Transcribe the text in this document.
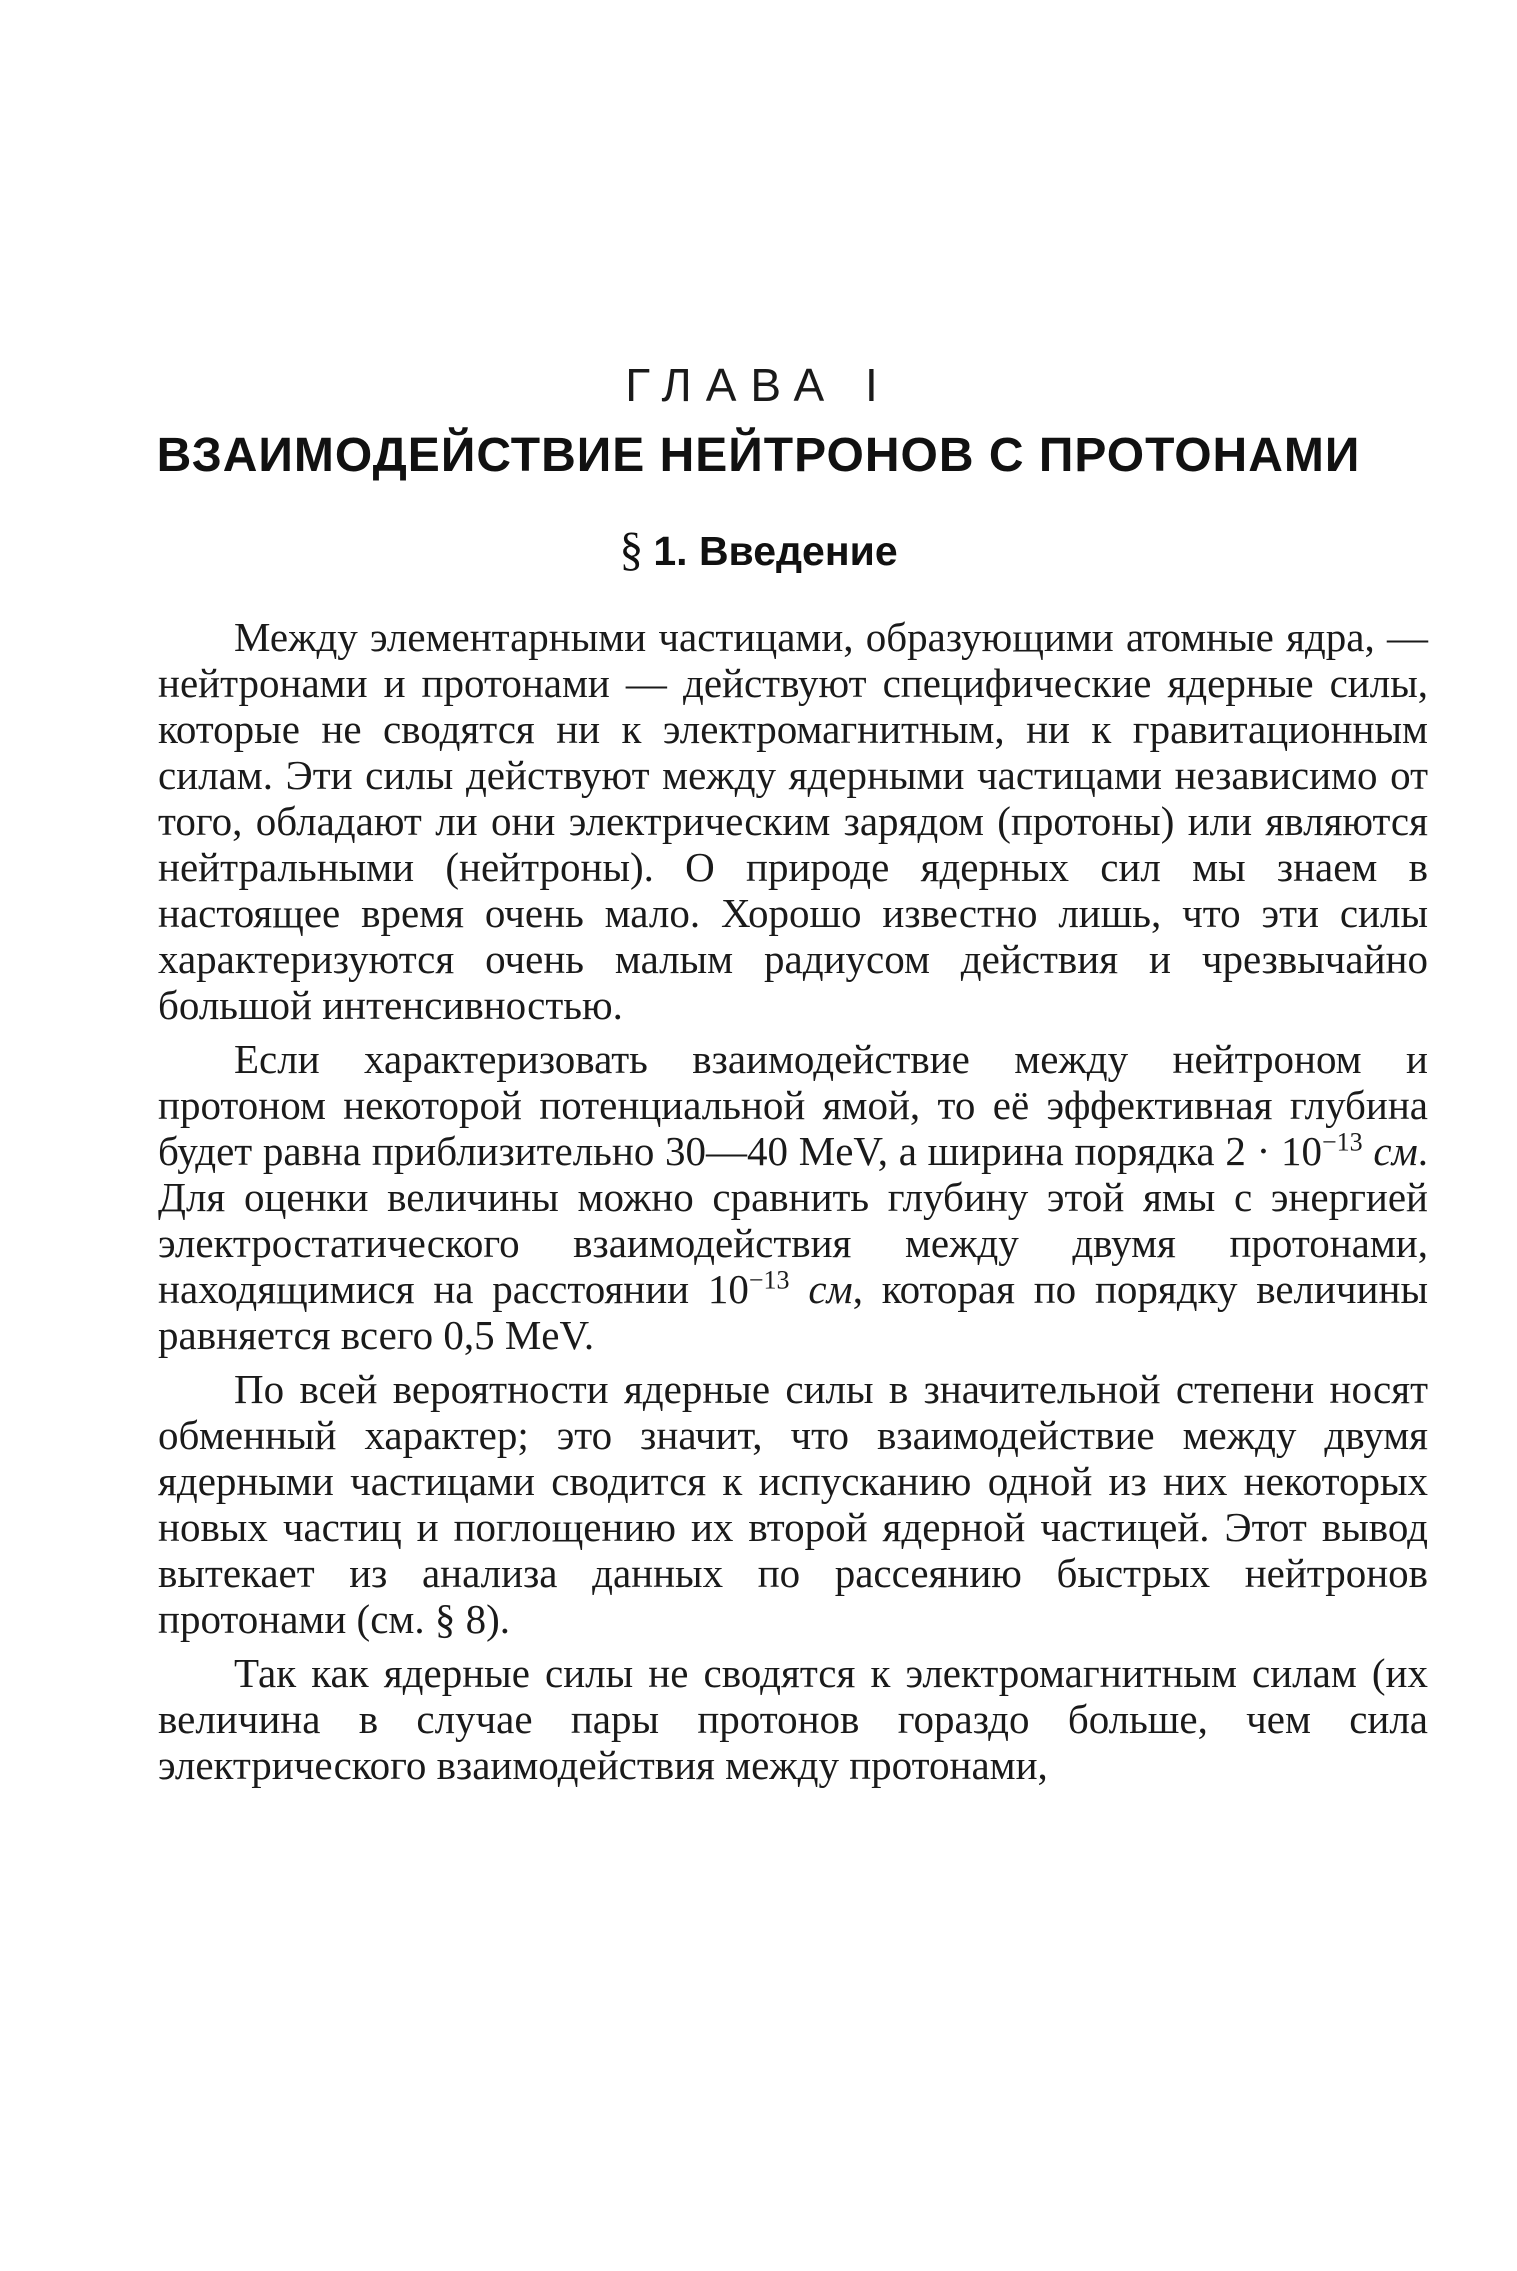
ГЛАВА I
ВЗАИМОДЕЙСТВИЕ НЕЙТРОНОВ С ПРОТОНАМИ
§ 1. Введение

Между элементарными частицами, образующими атомные ядра, — нейтронами и протонами — действуют специфические ядерные силы, которые не сводятся ни к электромагнитным, ни к гравитационным силам. Эти силы действуют между ядерными частицами независимо от того, обладают ли они электрическим зарядом (протоны) или являются нейтральными (нейтроны). О природе ядерных сил мы знаем в настоящее время очень мало. Хорошо известно лишь, что эти силы характеризуются очень малым радиусом действия и чрезвычайно большой интенсивностью.

Если характеризовать взаимодействие между нейтроном и протоном некоторой потенциальной ямой, то её эффективная глубина будет равна приблизительно 30—40 MeV, а ширина порядка $2 \cdot 10^{-13}$ см. Для оценки величины можно сравнить глубину этой ямы с энергией электростатического взаимодействия между двумя протонами, находящимися на расстоянии $10^{-13}$ см, которая по порядку величины равняется всего 0,5 MeV.

По всей вероятности ядерные силы в значительной степени носят обменный характер; это значит, что взаимодействие между двумя ядерными частицами сводится к испусканию одной из них некоторых новых частиц и поглощению их второй ядерной частицей. Этот вывод вытекает из анализа данных по рассеянию быстрых нейтронов протонами (см. § 8).

Так как ядерные силы не сводятся к электромагнитным силам (их величина в случае пары протонов гораздо больше, чем сила электрического взаимодействия между протонами,
